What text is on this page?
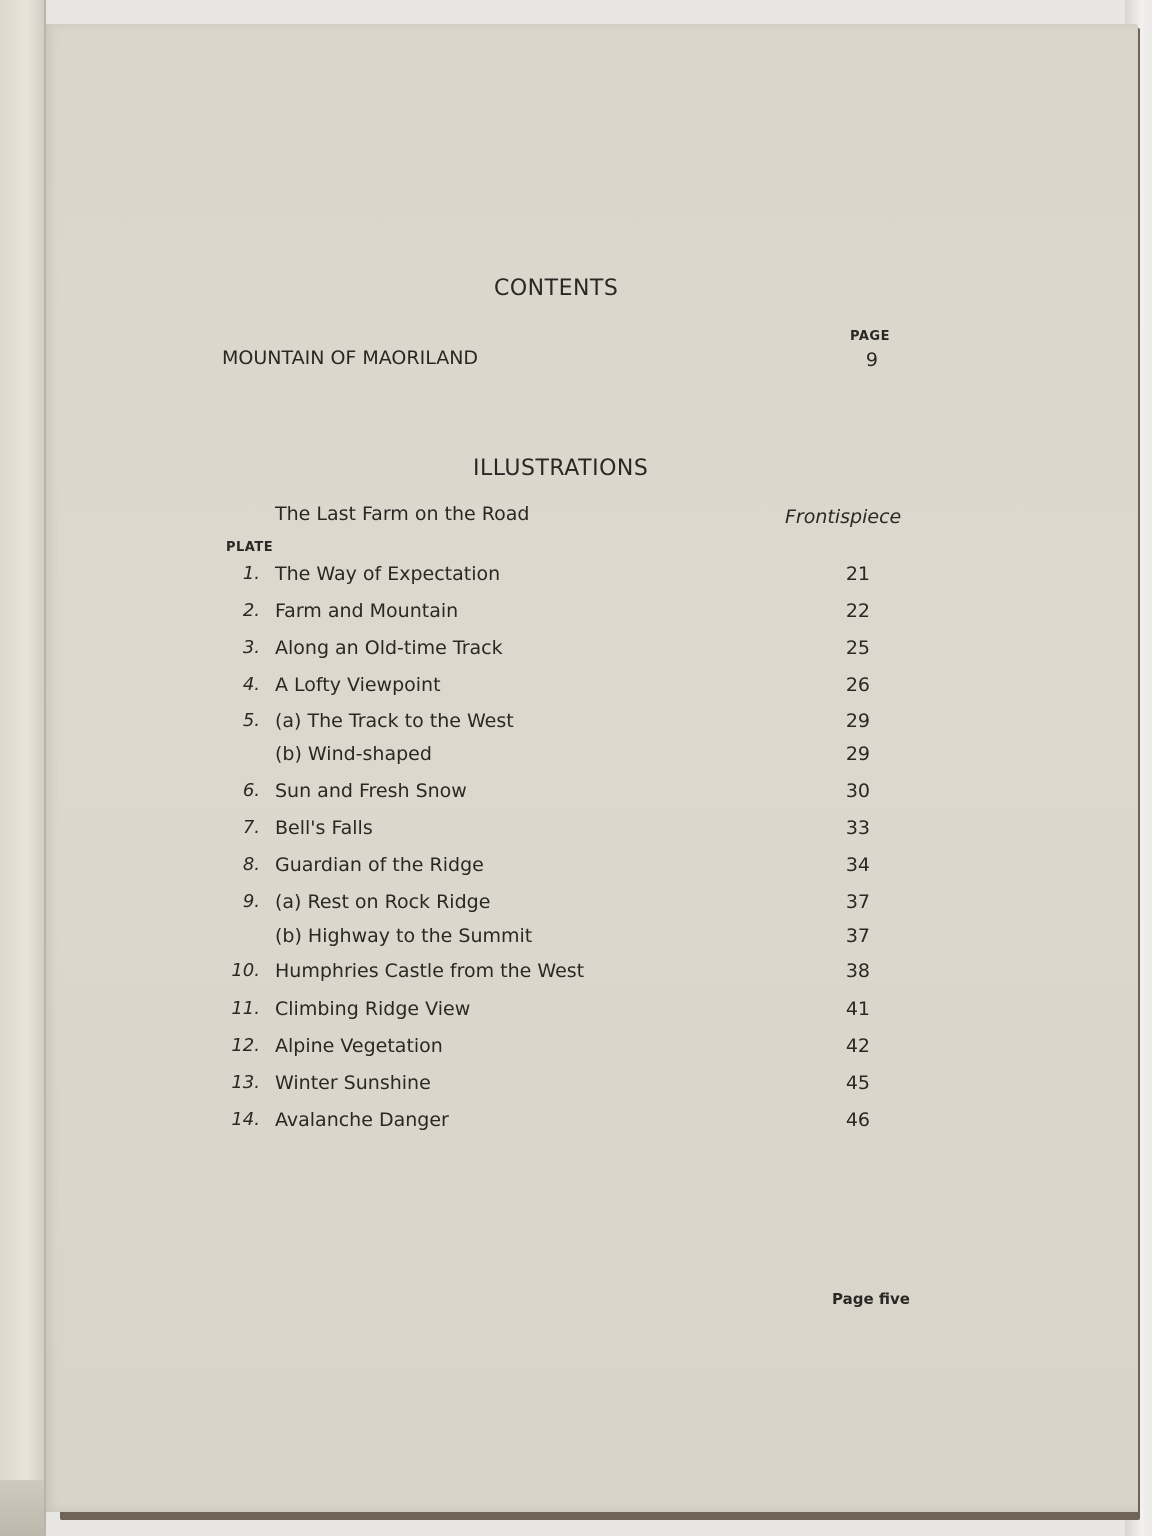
CONTENTS
PAGE
MOUNTAIN OF MAORILAND	9
ILLUSTRATIONS
The Last Farm on the Road	Frontispiece
PLATE
1. The Way of Expectation	21
2. Farm and Mountain	22
3. Along an Old-time Track	25
4. A Lofty Viewpoint	26
5. (a) The Track to the West	29
(b) Wind-shaped	29
6. Sun and Fresh Snow	30
7. Bell's Falls	33
8. Guardian of the Ridge	34
9. (a) Rest on Rock Ridge	37
(b) Highway to the Summit	37
10. Humphries Castle from the West	38
11. Climbing Ridge View	41
12. Alpine Vegetation	42
13. Winter Sunshine	45
14. Avalanche Danger	46
Page five
